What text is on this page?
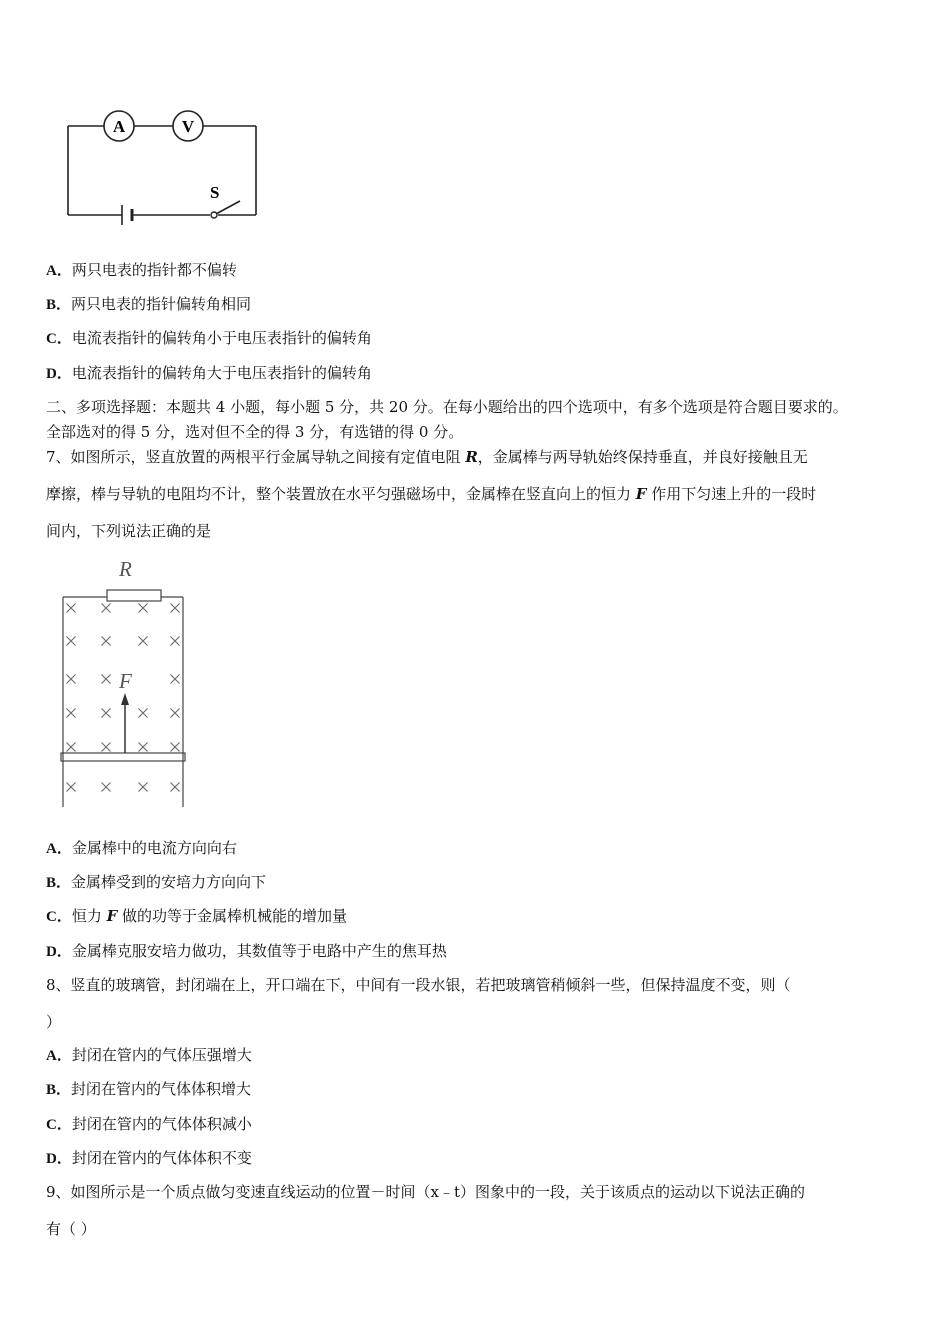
A	V
S
A．两只电表的指针都不偏转
B．两只电表的指针偏转角相同
C．电流表指针的偏转角小于电压表指针的偏转角
D．电流表指针的偏转角大于电压表指针的偏转角
二、多项选择题：本题共 4 小题，每小题 5 分，共 20 分。在每小题给出的四个选项中，有多个选项是符合题目要求的。
全部选对的得 5 分，选对但不全的得 3 分，有选错的得 0 分。
7、如图所示，竖直放置的两根平行金属导轨之间接有定值电阻 R，金属棒与两导轨始终保持垂直，并良好接触且无
摩擦，棒与导轨的电阻均不计，整个装置放在水平匀强磁场中，金属棒在竖直向上的恒力 F 作用下匀速上升的一段时
间内，下列说法正确的是
R
F
A．金属棒中的电流方向向右
B．金属棒受到的安培力方向向下
C．恒力 F 做的功等于金属棒机械能的增加量
D．金属棒克服安培力做功，其数值等于电路中产生的焦耳热
8、竖直的玻璃管，封闭端在上，开口端在下，中间有一段水银，若把玻璃管稍倾斜一些，但保持温度不变，则（
）
A．封闭在管内的气体压强增大
B．封闭在管内的气体体积增大
C．封闭在管内的气体体积减小
D．封闭在管内的气体体积不变
9、如图所示是一个质点做匀变速直线运动的位置－时间（x﹣t）图象中的一段，关于该质点的运动以下说法正确的
有（ ）
